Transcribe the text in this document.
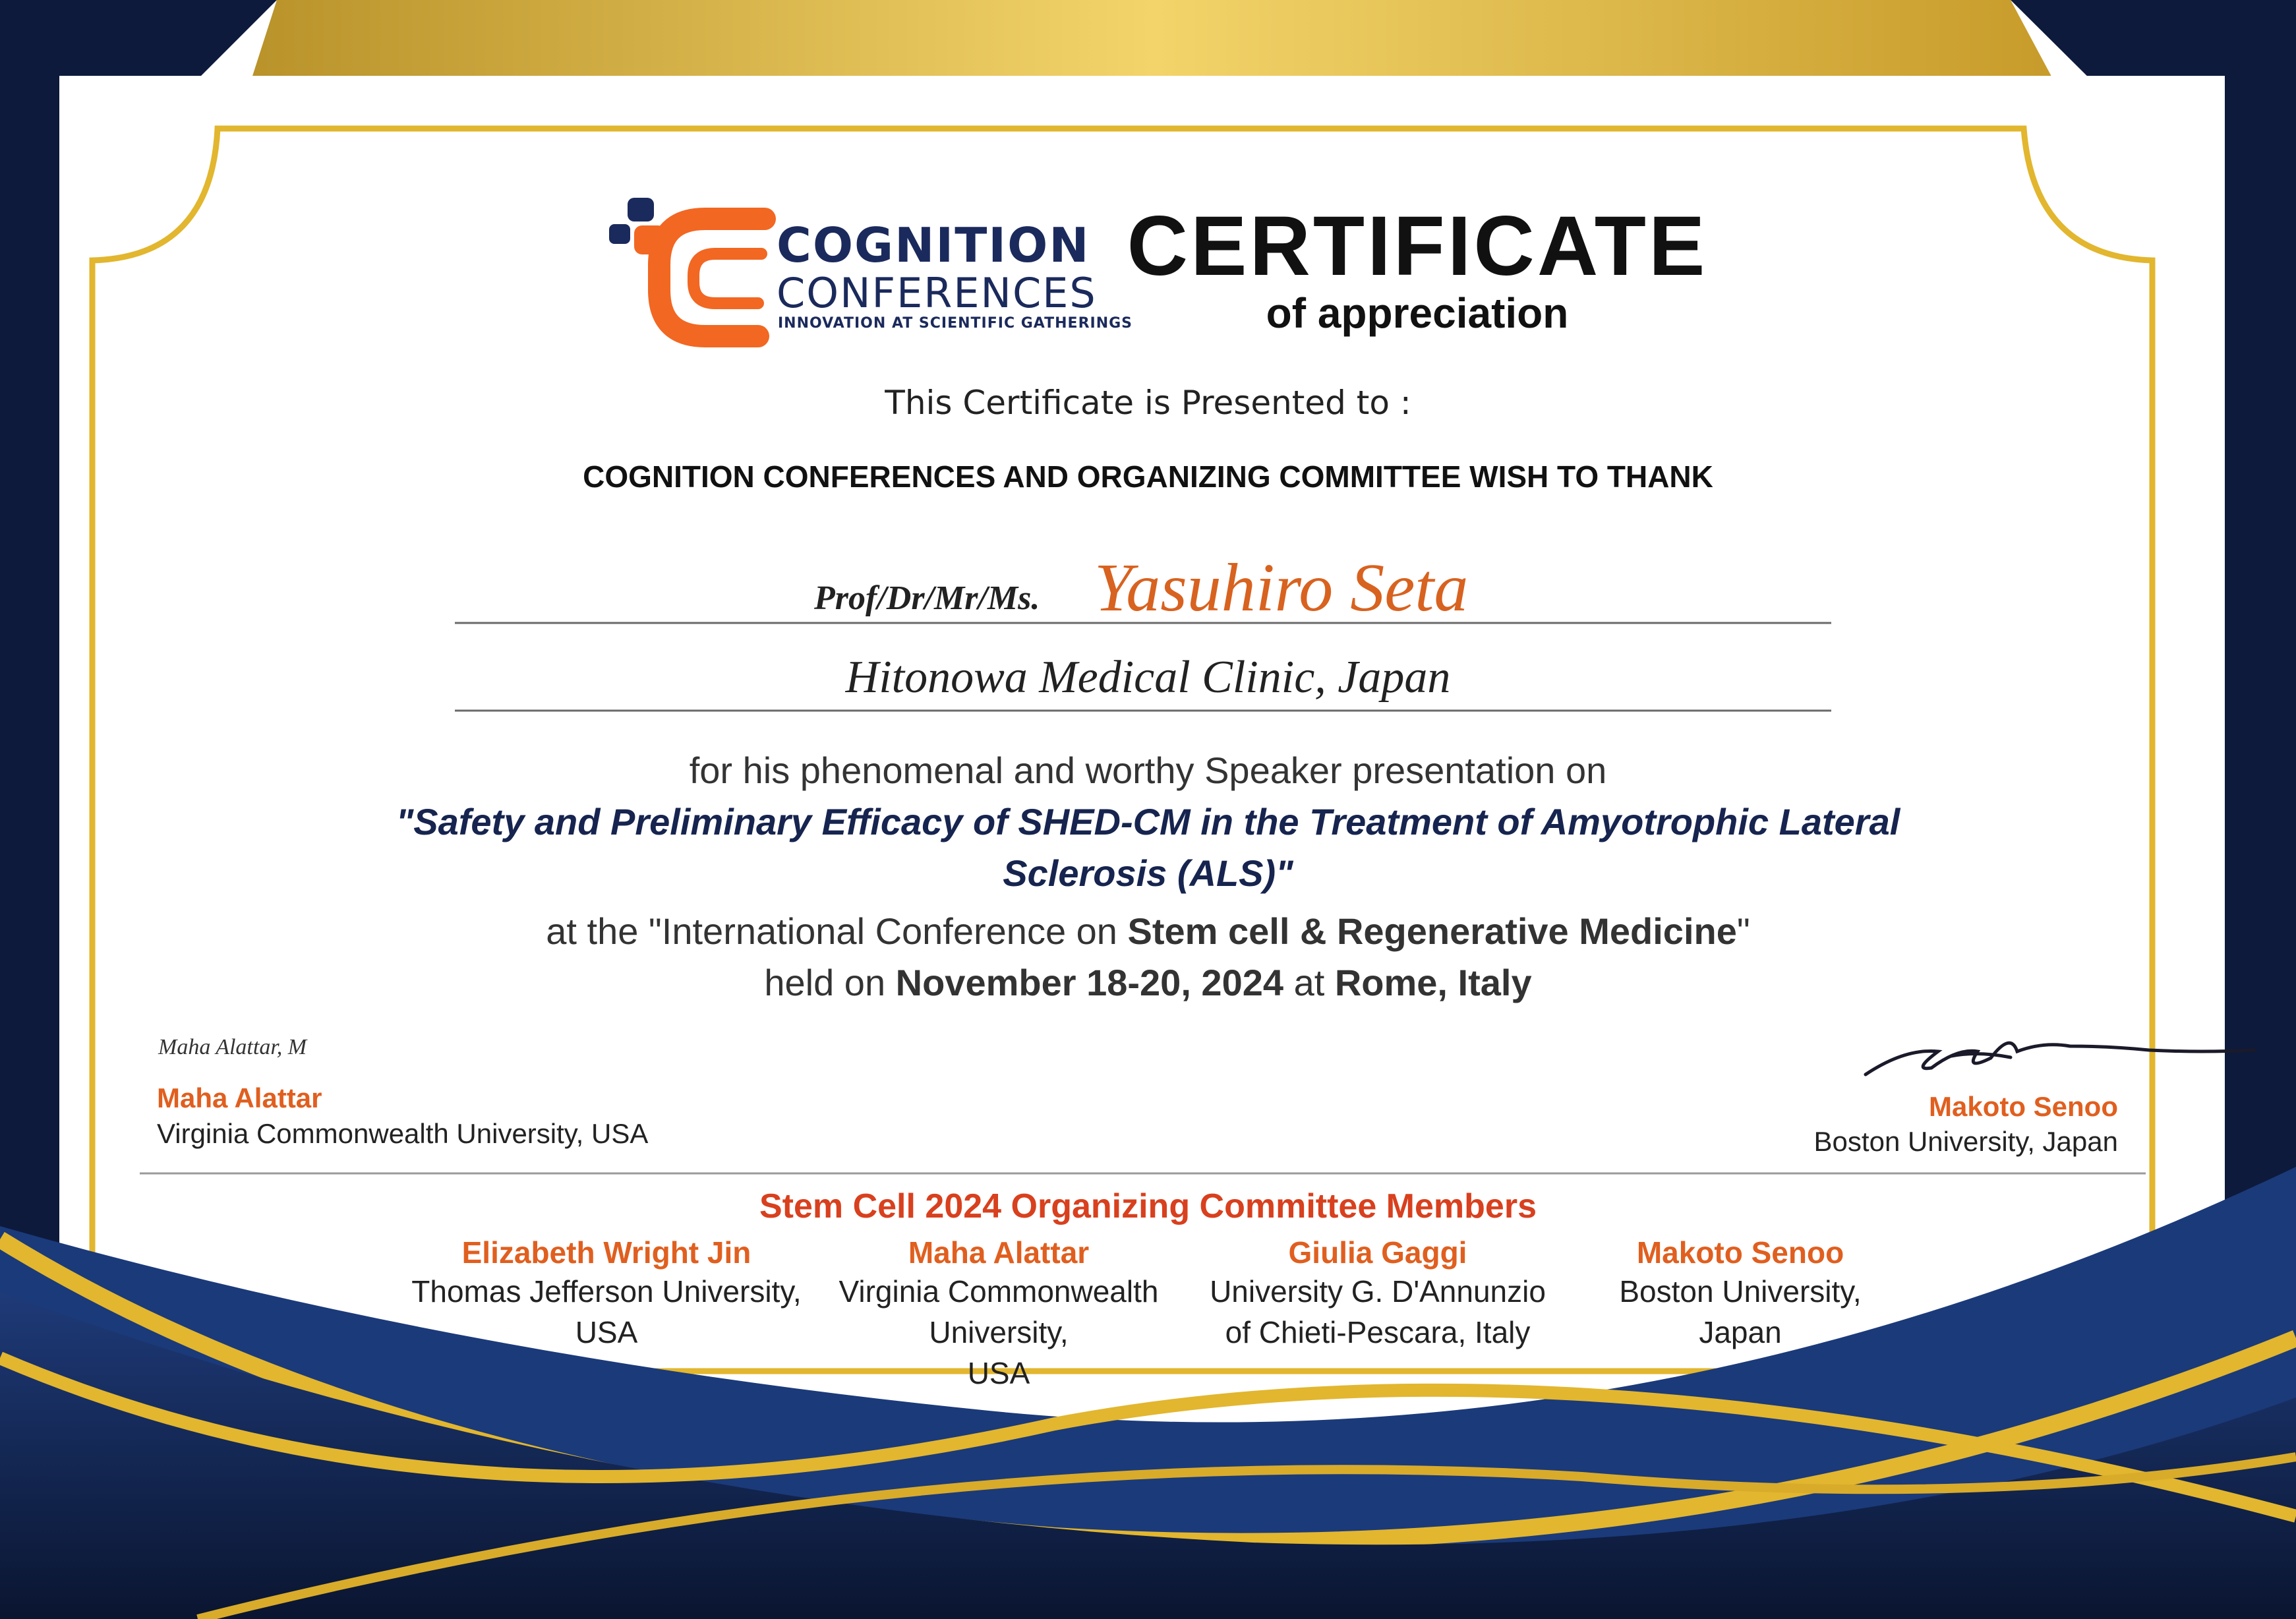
COGNITION
CONFERENCES
INNOVATION AT SCIENTIFIC GATHERINGS
CERTIFICATE
of appreciation
This Certificate is Presented to :
COGNITION CONFERENCES AND ORGANIZING COMMITTEE WISH TO THANK
Prof/Dr/Mr/Ms. Yasuhiro Seta
Hitonowa Medical Clinic, Japan
for his phenomenal and worthy Speaker presentation on
"Safety and Preliminary Efficacy of SHED-CM in the Treatment of Amyotrophic Lateral
Sclerosis (ALS)"
at the "International Conference on Stem cell & Regenerative Medicine"
held on November 18-20, 2024 at Rome, Italy
Maha Alattar, M
Maha Alattar
Virginia Commonwealth University, USA
Makoto Senoo
Boston University, Japan
Stem Cell 2024 Organizing Committee Members
Elizabeth Wright Jin
Thomas Jefferson University,
USA
Maha Alattar
Virginia Commonwealth
University,
USA
Giulia Gaggi
University G. D'Annunzio
of Chieti-Pescara, Italy
Makoto Senoo
Boston University,
Japan
